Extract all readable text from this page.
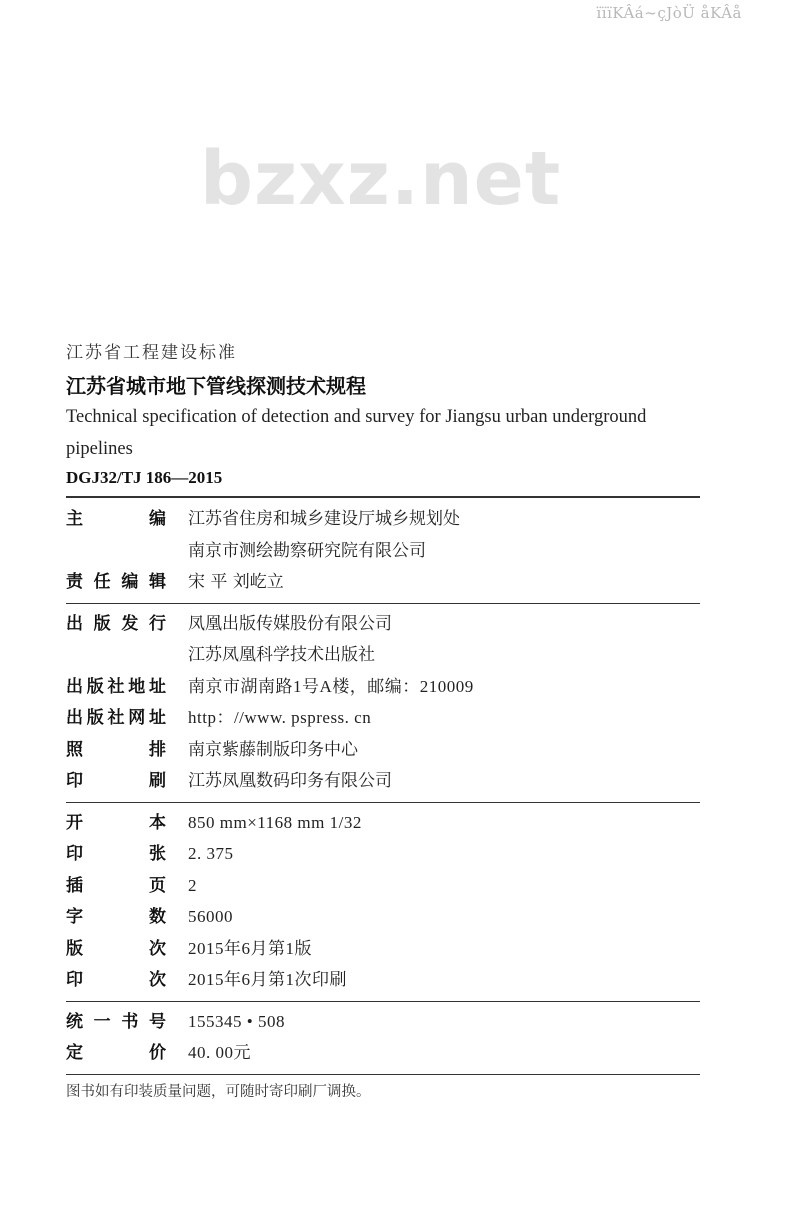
ïïïKÂá~çJòÜ åKÂå
bzxz.net
江苏省工程建设标准
江苏省城市地下管线探测技术规程
Technical specification of detection and survey for Jiangsu urban underground pipelines
DGJ32/TJ 186—2015
主	编 江苏省住房和城乡建设厅城乡规划处
南京市测绘勘察研究院有限公司
责 任 编 辑 宋 平 刘屹立
出 版 发 行 凤凰出版传媒股份有限公司
江苏凤凰科学技术出版社
出 版 社 地 址 南京市湖南路1号A楼，邮编：210009
出 版 社 网 址 http：//www. pspress. cn
照	排 南京紫藤制版印务中心
印	刷 江苏凤凰数码印务有限公司
开	本 850 mm×1168 mm 1/32
印	张 2. 375
插	页 2
字	数 56000
版	次 2015年6月第1版
印	次 2015年6月第1次印刷
统 一 书 号 155345 • 508
定	价 40. 00元
图书如有印装质量问题，可随时寄印刷厂调换。
